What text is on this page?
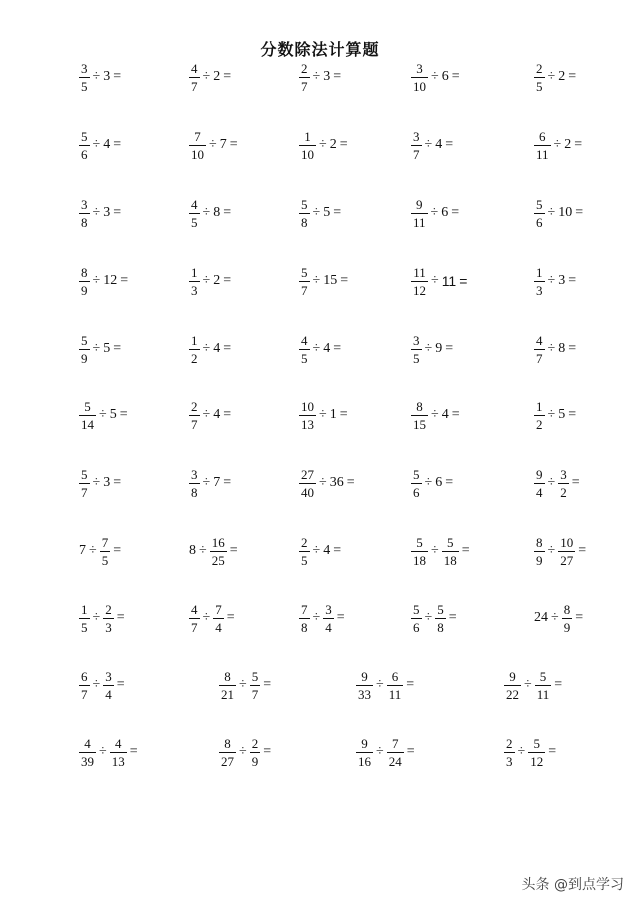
分数除法计算题
$\frac{3}{5} \div 3$ =	$\frac{4}{7} \div 2$ =	$\frac{2}{7} \div 3$ =	$\frac{3}{10} \div 6$ =	$\frac{2}{5} \div 2$ =
$\frac{5}{6} \div 4$ =	$\frac{7}{10} \div 7$ =	$\frac{1}{10} \div 2$ =	$\frac{3}{7} \div 4$ =	$\frac{6}{11} \div 2$ =
$\frac{3}{8} \div 3$ =	$\frac{4}{5} \div 8$ =	$\frac{5}{8} \div 5$ =	$\frac{9}{11} \div 6$ =	$\frac{5}{6} \div 10$ =
$\frac{8}{9} \div 12$ =	$\frac{1}{3} \div 2$ =	$\frac{5}{7} \div 15$ =	$\frac{11}{12} \div 11$ =	$\frac{1}{3} \div 3$ =
$\frac{5}{9} \div 5$ =	$\frac{1}{2} \div 4$ =	$\frac{4}{5} \div 4$ =	$\frac{3}{5} \div 9$ =	$\frac{4}{7} \div 8$ =
$\frac{5}{14} \div 5$ =	$\frac{2}{7} \div 4$ =	$\frac{10}{13} \div 1$ =	$\frac{8}{15} \div 4$ =	$\frac{1}{2} \div 5$ =
$\frac{5}{7} \div 3$ =	$\frac{3}{8} \div 7$ =	$\frac{27}{40} \div 36$ =	$\frac{5}{6} \div 6$ =	$\frac{9}{4} \div \frac{3}{2}$ =
$7 \div \frac{7}{5}$ =	$8 \div \frac{16}{25}$ =	$\frac{2}{5} \div 4$ =	$\frac{5}{18} \div \frac{5}{18}$ =	$\frac{8}{9} \div \frac{10}{27}$ =
$\frac{1}{5} \div \frac{2}{3}$ =	$\frac{4}{7} \div \frac{7}{4}$ =	$\frac{7}{8} \div \frac{3}{4}$ =	$\frac{5}{6} \div \frac{5}{8}$ =	$24 \div \frac{8}{9}$ =
$\frac{6}{7} \div \frac{3}{4}$ =	$\frac{8}{21} \div \frac{5}{7}$ =	$\frac{9}{33} \div \frac{6}{11}$ =	$\frac{9}{22} \div \frac{5}{11}$ =
$\frac{4}{39} \div \frac{4}{13}$ =	$\frac{8}{27} \div \frac{2}{9}$ =	$\frac{9}{16} \div \frac{7}{24}$ =	$\frac{2}{3} \div \frac{5}{12}$ =
头条 @到点学习
